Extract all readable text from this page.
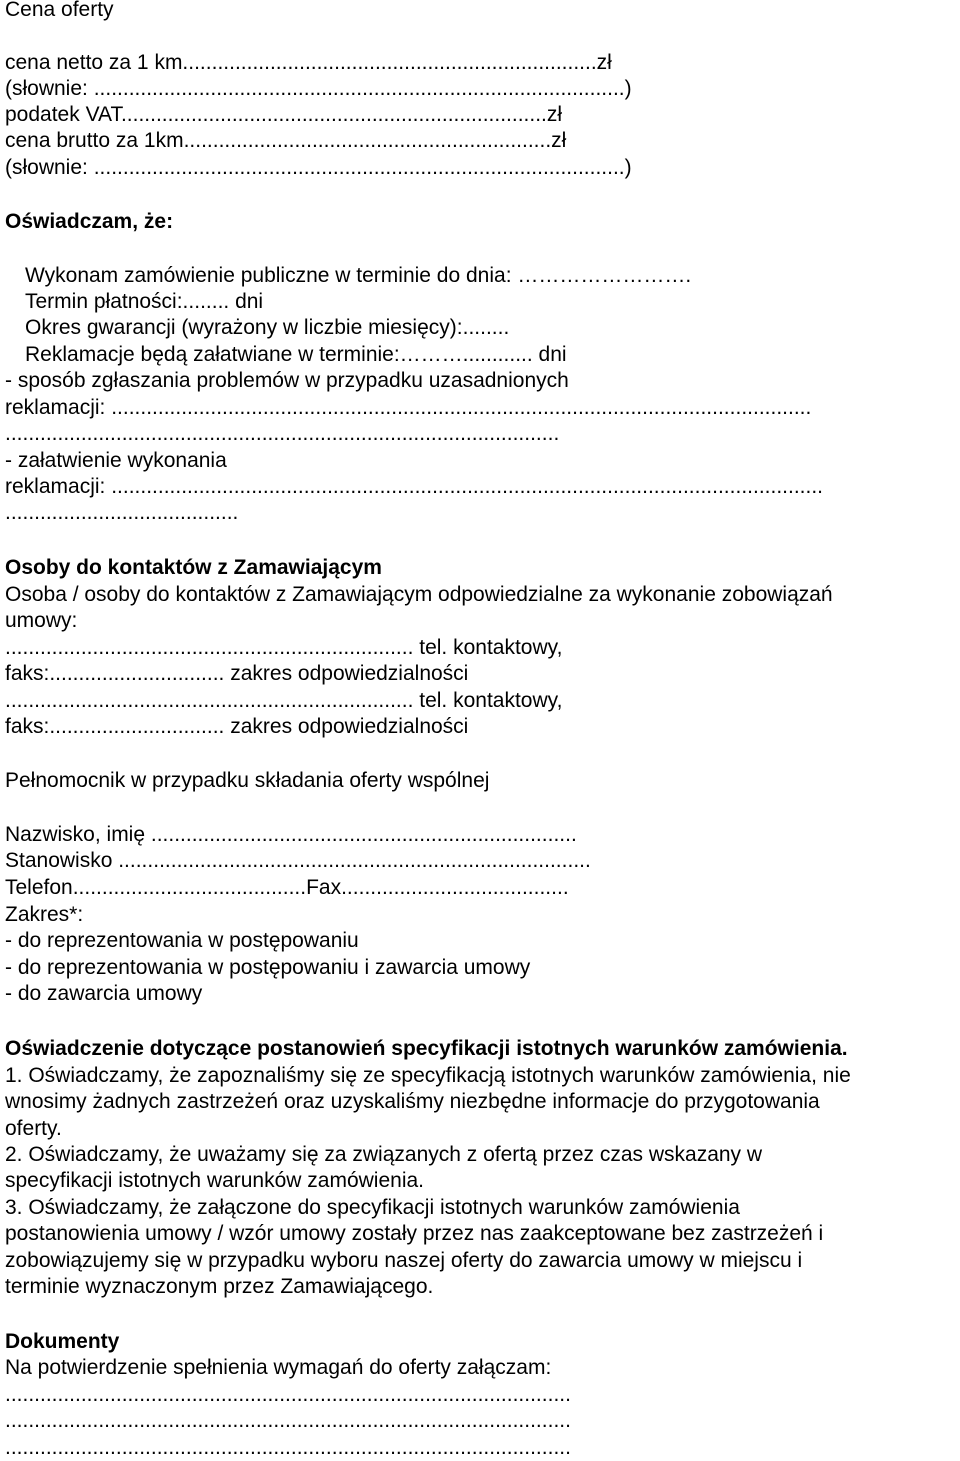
Cena oferty
cena netto za 1 km.......................................................................zł
(słownie: ...........................................................................................)
podatek VAT.........................................................................zł
cena brutto za 1km...............................................................zł
(słownie: ...........................................................................................)
Oświadczam, że:
Wykonam zamówienie publiczne w terminie do dnia: …………………….
Termin płatności:........ dni
Okres gwarancji (wyrażony w liczbie miesięcy):........
Reklamacje będą załatwiane w terminie:………............ dni
- sposób zgłaszania problemów w przypadku uzasadnionych
reklamacji: ........................................................................................................................
...............................................................................................
- załatwienie wykonania
reklamacji: ..........................................................................................................................
........................................
Osoby do kontaktów z Zamawiającym
Osoba / osoby do kontaktów z Zamawiającym odpowiedzialne za wykonanie zobowiązań
umowy:
...................................................................... tel. kontaktowy,
faks:.............................. zakres odpowiedzialności
...................................................................... tel. kontaktowy,
faks:.............................. zakres odpowiedzialności
Pełnomocnik w przypadku składania oferty wspólnej
Nazwisko, imię .........................................................................
Stanowisko .................................................................................
Telefon........................................Fax.......................................
Zakres*:
- do reprezentowania w postępowaniu
- do reprezentowania w postępowaniu i zawarcia umowy
- do zawarcia umowy
Oświadczenie dotyczące postanowień specyfikacji istotnych warunków zamówienia.
1. Oświadczamy, że zapoznaliśmy się ze specyfikacją istotnych warunków zamówienia, nie
wnosimy żadnych zastrzeżeń oraz uzyskaliśmy niezbędne informacje do przygotowania
oferty.
2. Oświadczamy, że uważamy się za związanych z ofertą przez czas wskazany w
specyfikacji istotnych warunków zamówienia.
3. Oświadczamy, że załączone do specyfikacji istotnych warunków zamówienia
postanowienia umowy / wzór umowy zostały przez nas zaakceptowane bez zastrzeżeń i
zobowiązujemy się w przypadku wyboru naszej oferty do zawarcia umowy w miejscu i
terminie wyznaczonym przez Zamawiającego.
Dokumenty
Na potwierdzenie spełnienia wymagań do oferty załączam:
.................................................................................................
.................................................................................................
.................................................................................................
